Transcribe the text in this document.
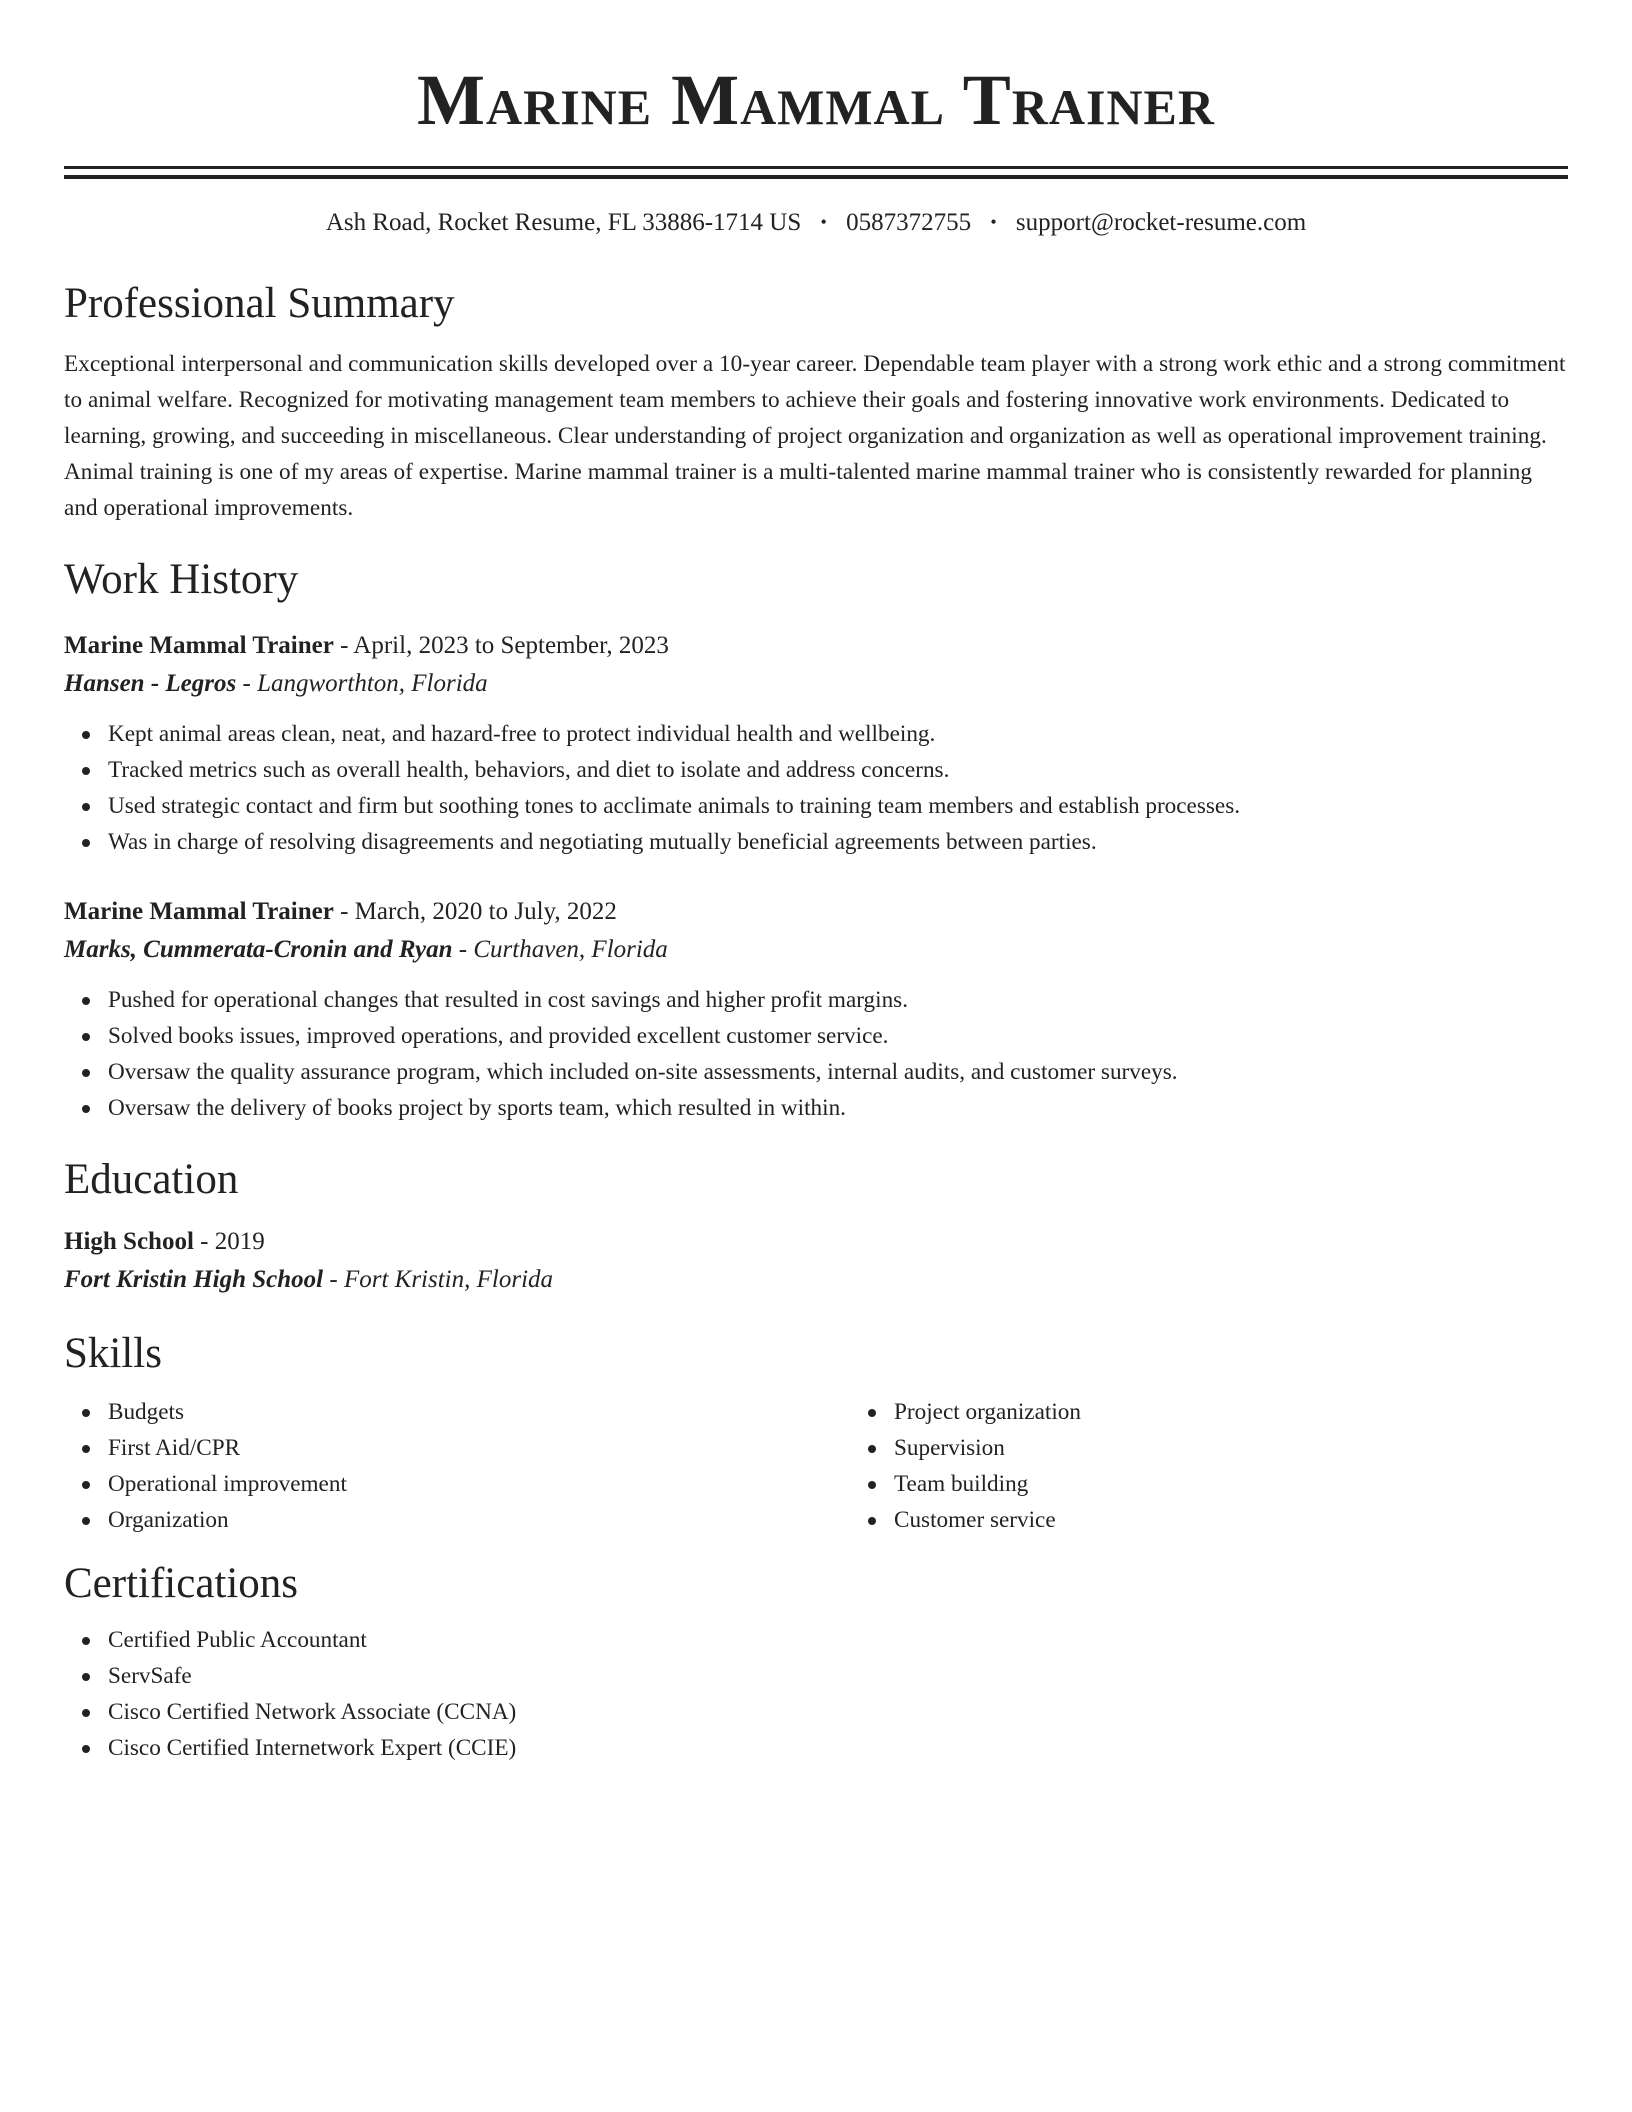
Marine Mammal Trainer
Ash Road, Rocket Resume, FL 33886-1714 US • 0587372755 • support@rocket-resume.com
Professional Summary

Exceptional interpersonal and communication skills developed over a 10-year career. Dependable team player with a strong work ethic and a strong commitment to animal welfare. Recognized for motivating management team members to achieve their goals and fostering innovative work environments. Dedicated to learning, growing, and succeeding in miscellaneous. Clear understanding of project organization and organization as well as operational improvement training. Animal training is one of my areas of expertise. Marine mammal trainer is a multi-talented marine mammal trainer who is consistently rewarded for planning and operational improvements.

Work History
Marine Mammal Trainer - April, 2023 to September, 2023
Hansen - Legros - Langworthton, Florida
Kept animal areas clean, neat, and hazard-free to protect individual health and wellbeing.
Tracked metrics such as overall health, behaviors, and diet to isolate and address concerns.
Used strategic contact and firm but soothing tones to acclimate animals to training team members and establish processes.
Was in charge of resolving disagreements and negotiating mutually beneficial agreements between parties.
Marine Mammal Trainer - March, 2020 to July, 2022
Marks, Cummerata-Cronin and Ryan - Curthaven, Florida
Pushed for operational changes that resulted in cost savings and higher profit margins.
Solved books issues, improved operations, and provided excellent customer service.
Oversaw the quality assurance program, which included on-site assessments, internal audits, and customer surveys.
Oversaw the delivery of books project by sports team, which resulted in within.
Education
High School - 2019
Fort Kristin High School - Fort Kristin, Florida
Skills
Budgets
First Aid/CPR
Operational improvement
Organization
Project organization
Supervision
Team building
Customer service
Certifications
Certified Public Accountant
ServSafe
Cisco Certified Network Associate (CCNA)
Cisco Certified Internetwork Expert (CCIE)
